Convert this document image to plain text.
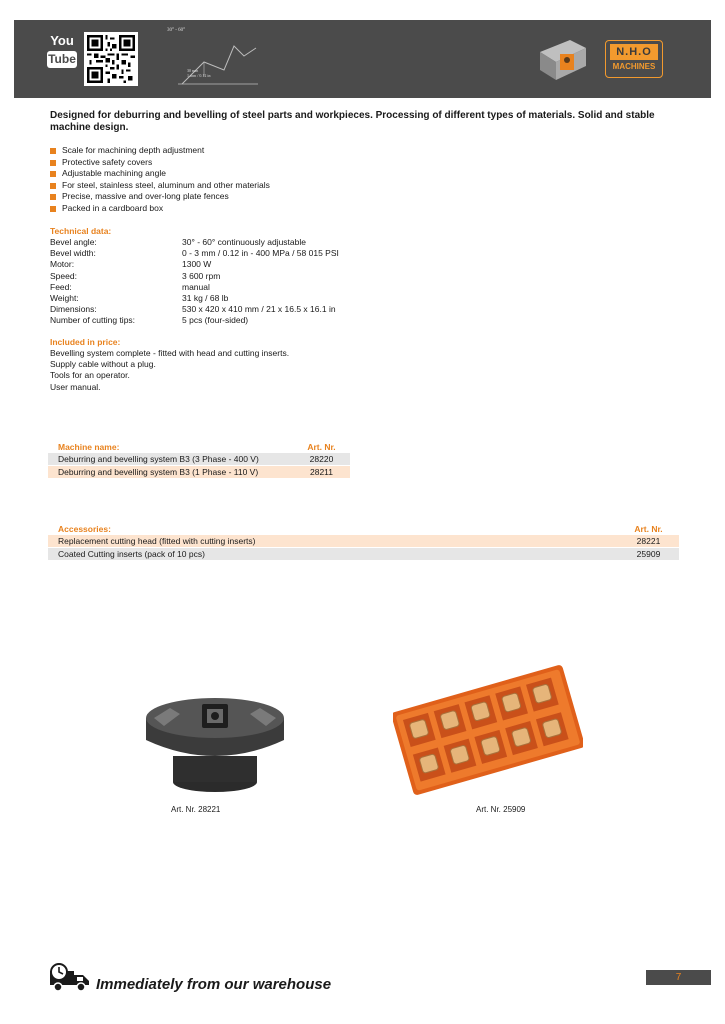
You
Tube
30° - 60°
30 mm
1 mm / 0.12 in
N.H.O
MACHINES

Designed for deburring and bevelling of steel parts and workpieces. Processing of different types of materials. Solid and stable machine design.

Scale for machining depth adjustment
Protective safety covers
Adjustable machining angle
For steel, stainless steel, aluminum and other materials
Precise, massive and over-long plate fences
Packed in a cardboard box
Technical data:
Bevel angle:	30° - 60° continuously adjustable
Bevel width:	0 - 3 mm / 0.12 in - 400 MPa / 58 015 PSI
Motor:	1300 W
Speed:	3 600 rpm
Feed:	manual
Weight:	31 kg / 68 lb
Dimensions:	530 x 420 x 410 mm / 21 x 16.5 x 16.1 in
Number of cutting tips:	5 pcs (four-sided)
Included in price:
Bevelling system complete - fitted with head and cutting inserts.
Supply cable without a plug.
Tools for an operator.
User manual.
Machine name:	Art. Nr.
Deburring and bevelling system B3 (3 Phase - 400 V)	28220
Deburring and bevelling system B3 (1 Phase - 110 V)	28211
Accessories:	Art. Nr.
Replacement cutting head (fitted with cutting inserts)	28221
Coated Cutting inserts (pack of 10 pcs)	25909
Art. Nr. 28221	Art. Nr. 25909
Immediately from our warehouse	7
